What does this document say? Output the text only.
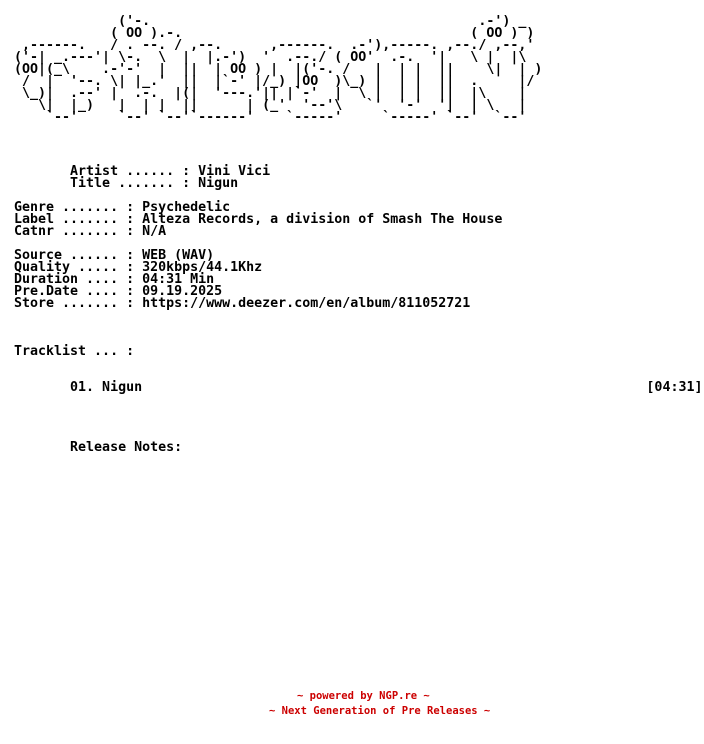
('-.                                         .-') _
( OO ).-.                                    ( OO ) )
,------.   / . --. / ,--.      ,------.  .-'),-----. ,--./ ,--,'
('-| _.---'| \-.  \  |  |.-')  '  .--./ ( OO'  .-.  '|   \ |  |\
(OO|(_\    .-'-'  |  ||  | OO ) |  |('-. /   |  | |  ||    \|  | )
/  |  '--. \| |_.'  ||  |`-' |/_) |OO  )\_) |  | |  ||  .     |/
\_)|  .--' |  .-.  |(|  '---.'|| |`-'  |  \ |  | |  ||  |\    |
\|  |_)   |  | |  ||      | (_'  '--'\   `'  '-'  '|  | \   |
`--'     `--' `--'`------'    `-----'     `-----' `--'  `--'
Artist ...... : Vini Vici
Title ....... : Nigun
Genre ....... : Psychedelic
Label ....... : Alteza Records, a division of Smash The House
Catnr ....... : N/A
Source ...... : WEB (WAV)
Quality ..... : 320kbps/44.1Khz
Duration .... : 04:31 Min
Pre.Date .... : 09.19.2025
Store ....... : https://www.deezer.com/en/album/811052721
Tracklist ... :
01. Nigun                                                               [04:31]
Release Notes:
~ powered by NGP.re ~
~ Next Generation of Pre Releases ~
